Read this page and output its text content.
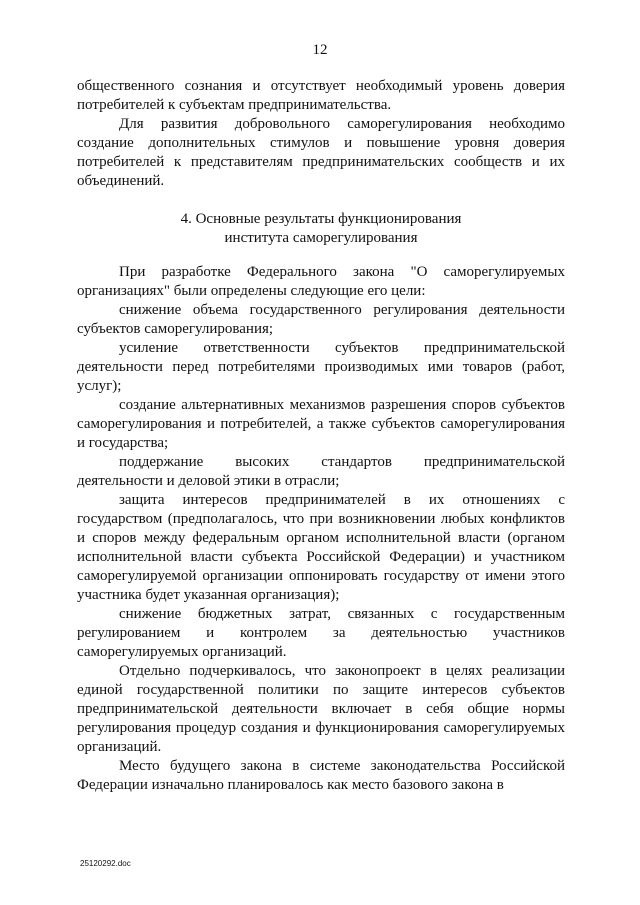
12

общественного сознания и отсутствует необходимый уровень доверия потребителей к субъектам предпринимательства.

Для развития добровольного саморегулирования необходимо создание дополнительных стимулов и повышение уровня доверия потребителей к представителям предпринимательских сообществ и их объединений.

4. Основные результаты функционирования
института саморегулирования

При разработке Федерального закона "О саморегулируемых организациях" были определены следующие его цели:

снижение объема государственного регулирования деятельности субъектов саморегулирования;

усиление ответственности субъектов предпринимательской деятельности перед потребителями производимых ими товаров (работ, услуг);

создание альтернативных механизмов разрешения споров субъектов саморегулирования и потребителей, а также субъектов саморегулирования и государства;

поддержание высоких стандартов предпринимательской деятельности и деловой этики в отрасли;

защита интересов предпринимателей в их отношениях с государством (предполагалось, что при возникновении любых конфликтов и споров между федеральным органом исполнительной власти (органом исполнительной власти субъекта Российской Федерации) и участником саморегулируемой организации оппонировать государству от имени этого участника будет указанная организация);

снижение бюджетных затрат, связанных с государственным регулированием и контролем за деятельностью участников саморегулируемых организаций.

Отдельно подчеркивалось, что законопроект в целях реализации единой государственной политики по защите интересов субъектов предпринимательской деятельности включает в себя общие нормы регулирования процедур создания и функционирования саморегулируемых организаций.

Место будущего закона в системе законодательства Российской Федерации изначально планировалось как место базового закона в

25120292.doc
